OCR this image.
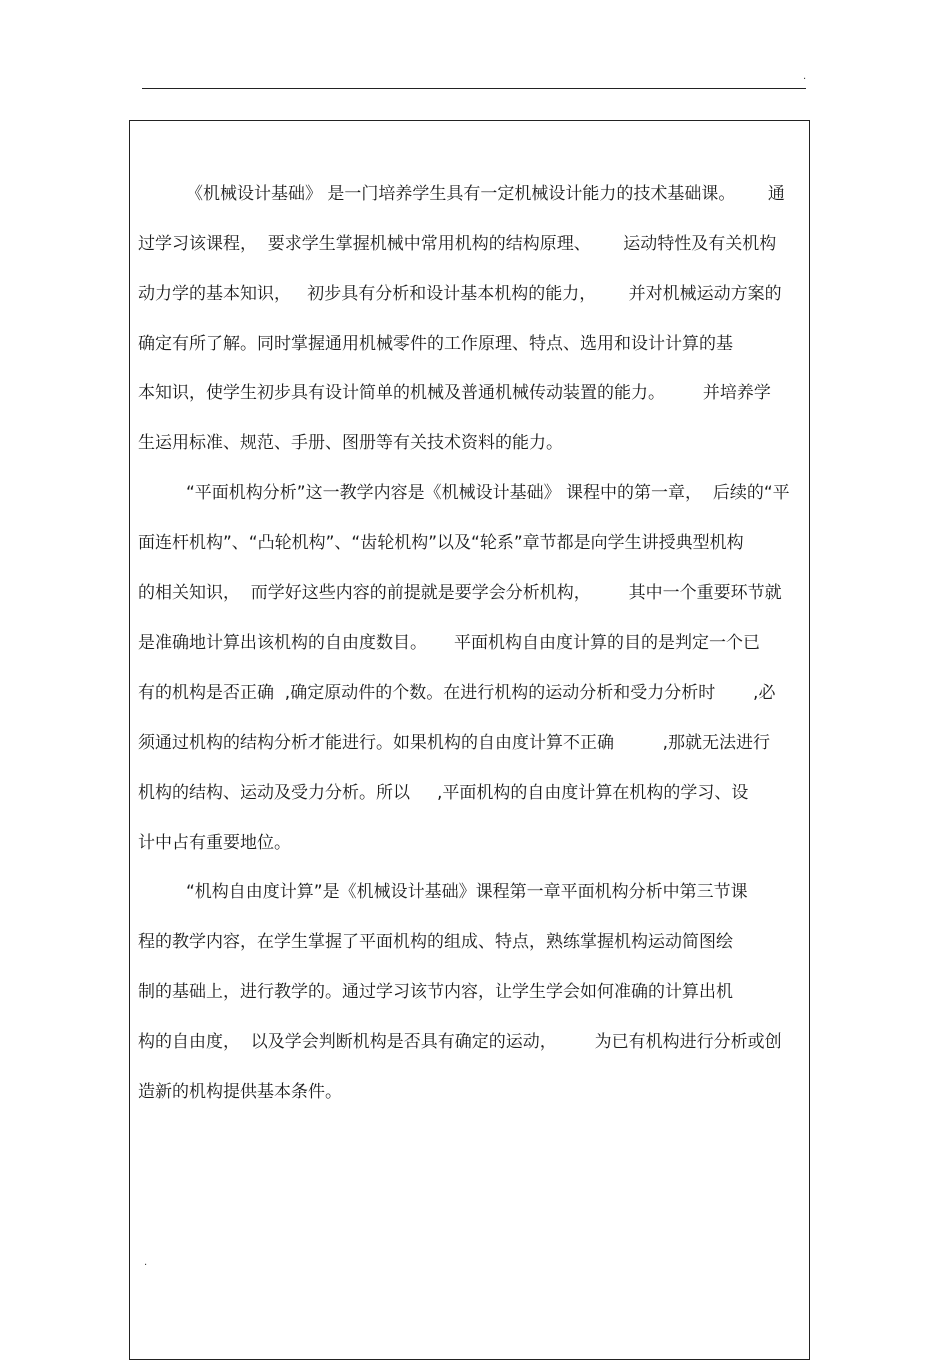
.
《机械设计基础》 是一门培养学生具有一定机械设计能力的技术基础课。      通
过学习该课程，  要求学生掌握机械中常用机构的结构原理、      运动特性及有关机构
动力学的基本知识，   初步具有分析和设计基本机构的能力，      并对机械运动方案的
确定有所了解。同时掌握通用机械零件的工作原理、特点、选用和设计计算的基
本知识，使学生初步具有设计简单的机械及普通机械传动装置的能力。       并培养学
生运用标准、规范、手册、图册等有关技术资料的能力。
“平面机构分析”这一教学内容是《机械设计基础》 课程中的第一章，  后续的“平
面连杆机构”、“凸轮机构”、“齿轮机构”以及“轮系”章节都是向学生讲授典型机构
的相关知识，  而学好这些内容的前提就是要学会分析机构，       其中一个重要环节就
是准确地计算出该机构的自由度数目。     平面机构自由度计算的目的是判定一个已
有的机构是否正确  ,确定原动件的个数。在进行机构的运动分析和受力分析时       ,必
须通过机构的结构分析才能进行。如果机构的自由度计算不正确         ,那就无法进行
机构的结构、运动及受力分析。所以     ,平面机构的自由度计算在机构的学习、设
计中占有重要地位。
“机构自由度计算”是《机械设计基础》课程第一章平面机构分析中第三节课
程的教学内容，在学生掌握了平面机构的组成、特点，熟练掌握机构运动简图绘
制的基础上，进行教学的。通过学习该节内容，让学生学会如何准确的计算出机
构的自由度，  以及学会判断机构是否具有确定的运动，       为已有机构进行分析或创
造新的机构提供基本条件。
.
